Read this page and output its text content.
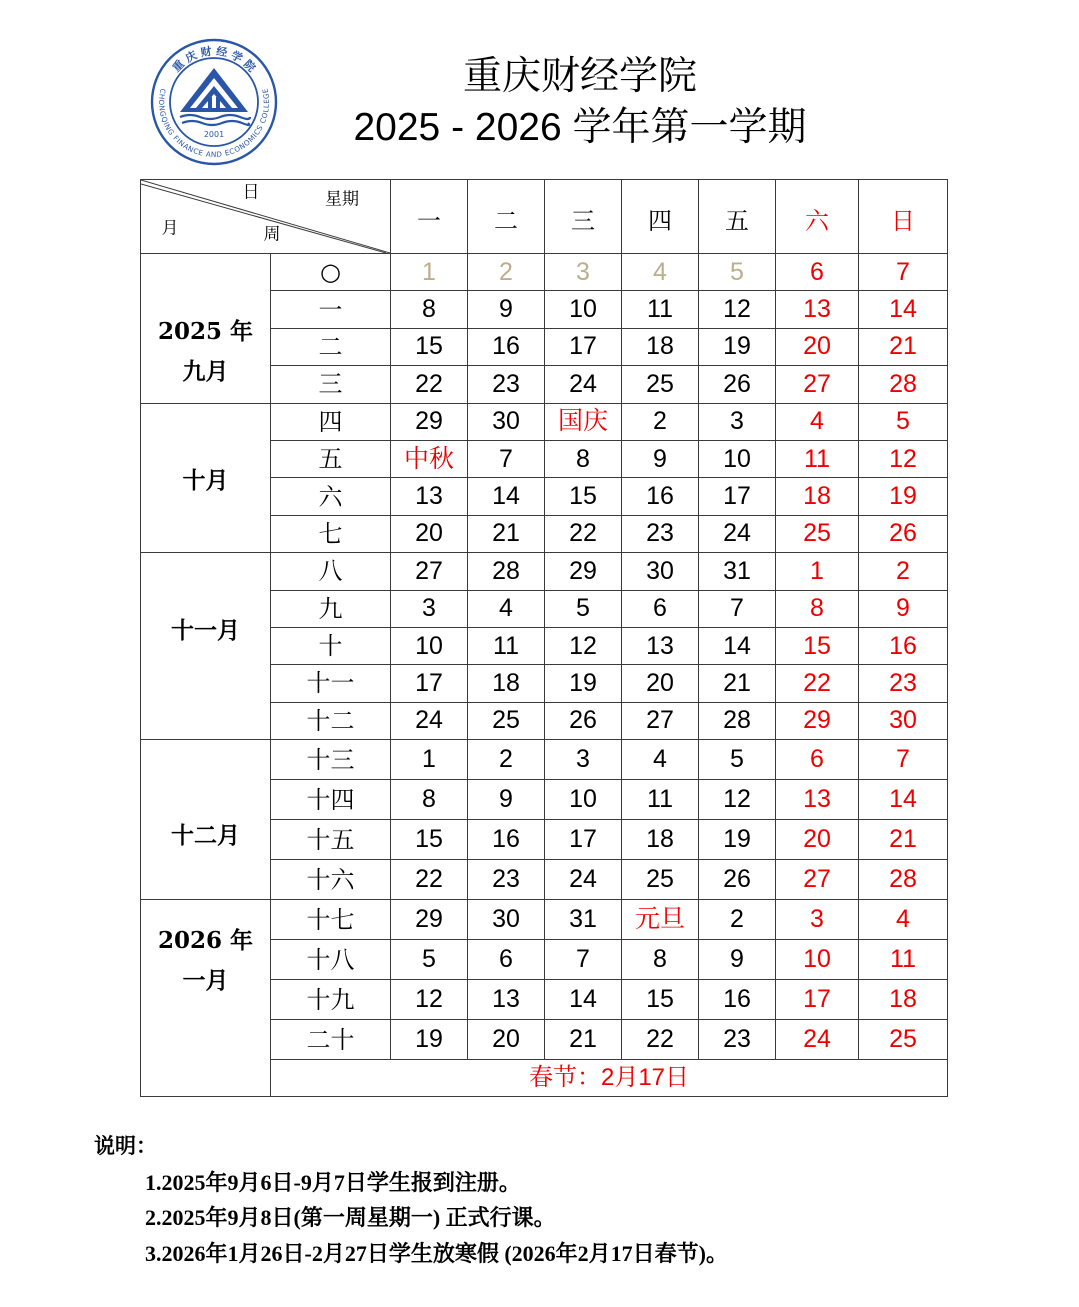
重庆财经学院
CHONGQING FINANCE AND ECONOMICS COLLEGE
2001
重庆财经学院
2025 - 2026 学年第一学期
日	星期
月	周	一	二	三	四	五	六	日
2025 年
九月
○	1	2	3	4	5	6	7
一	8	9	10	11	12	13	14
二	15	16	17	18	19	20	21
三	22	23	24	25	26	27	28
十月
四	29	30	国庆	2	3	4	5
五	中秋	7	8	9	10	11	12
六	13	14	15	16	17	18	19
七	20	21	22	23	24	25	26
十一月
八	27	28	29	30	31	1	2
九	3	4	5	6	7	8	9
十	10	11	12	13	14	15	16
十一	17	18	19	20	21	22	23
十二	24	25	26	27	28	29	30
十二月
十三	1	2	3	4	5	6	7
十四	8	9	10	11	12	13	14
十五	15	16	17	18	19	20	21
十六	22	23	24	25	26	27	28
2026 年
一月
十七	29	30	31	元旦	2	3	4
十八	5	6	7	8	9	10	11
十九	12	13	14	15	16	17	18
二十	19	20	21	22	23	24	25
春节：2月17日
说明：
1.2025年9月6日-9月7日学生报到注册。
2.2025年9月8日(第一周星期一) 正式行课。
3.2026年1月26日-2月27日学生放寒假 (2026年2月17日春节)。
